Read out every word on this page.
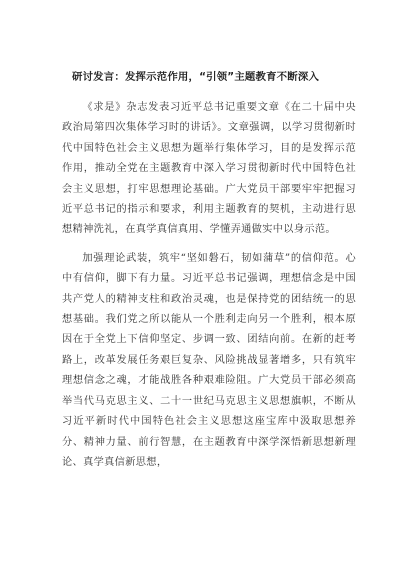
研讨发言：发挥示范作用，“引领”主题教育不断深入

《求是》杂志发表习近平总书记重要文章《在二十届中央政治局第四次集体学习时的讲话》。文章强调，以学习贯彻新时代中国特色社会主义思想为题举行集体学习，目的是发挥示范作用，推动全党在主题教育中深入学习贯彻新时代中国特色社会主义思想，打牢思想理论基础。广大党员干部要牢牢把握习近平总书记的指示和要求，利用主题教育的契机，主动进行思想精神洗礼，在真学真信真用、学懂弄通做实中以身示范。

加强理论武装，筑牢“坚如磐石，韧如蒲草”的信仰范。心中有信仰，脚下有力量。习近平总书记强调，理想信念是中国共产党人的精神支柱和政治灵魂，也是保持党的团结统一的思想基础。我们党之所以能从一个胜利走向另一个胜利，根本原因在于全党上下信仰坚定、步调一致、团结向前。在新的赶考路上，改革发展任务艰巨复杂、风险挑战显著增多，只有筑牢理想信念之魂，才能战胜各种艰难险阻。广大党员干部必须高举当代马克思主义、二十一世纪马克思主义思想旗帜，不断从习近平新时代中国特色社会主义思想这座宝库中汲取思想养分、精神力量、前行智慧，在主题教育中深学深悟新思想新理论、真学真信新思想，
